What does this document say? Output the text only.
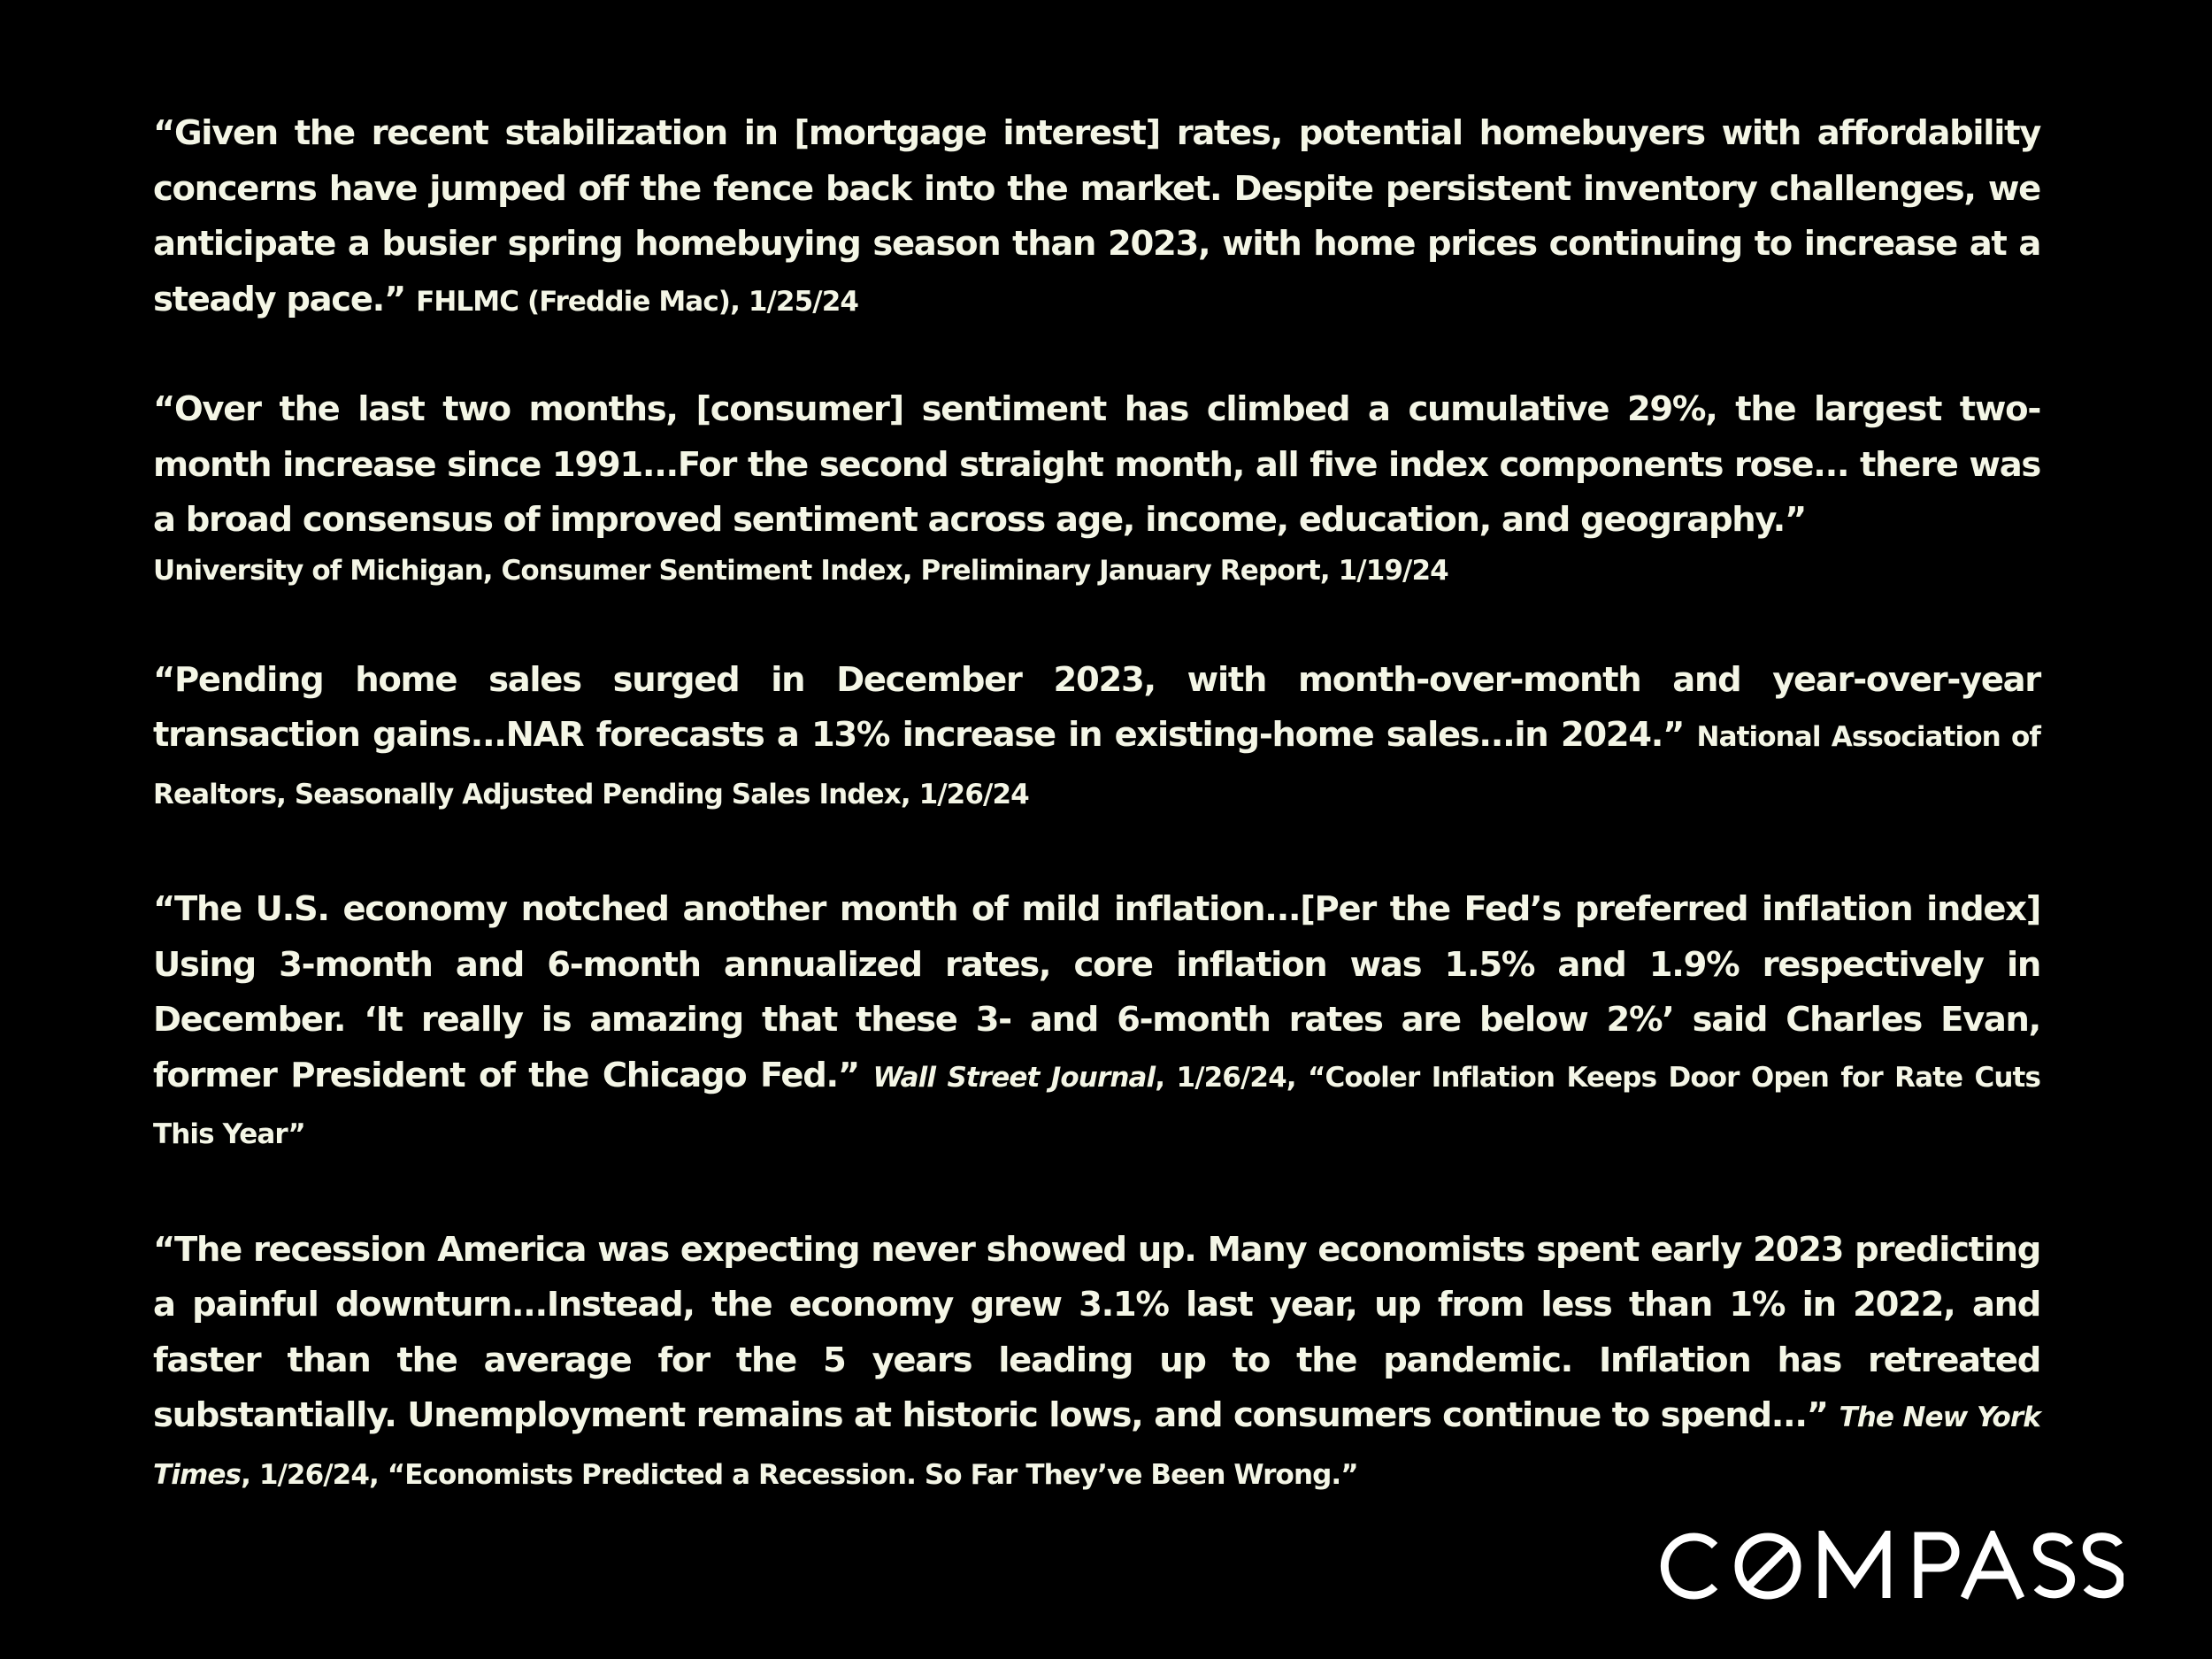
“Given the recent stabilization in [mortgage interest] rates, potential homebuyers with affordability concerns have jumped off the fence back into the market. Despite persistent inventory challenges, we anticipate a busier spring homebuying season than 2023, with home prices continuing to increase at a steady pace.” FHLMC (Freddie Mac), 1/25/24

“Over the last two months, [consumer] sentiment has climbed a cumulative 29%, the largest two-month increase since 1991...For the second straight month, all five index components rose... there was a broad consensus of improved sentiment across age, income, education, and geography.”
University of Michigan, Consumer Sentiment Index, Preliminary January Report, 1/19/24

“Pending home sales surged in December 2023, with month-over-month and year-over-year transaction gains...NAR forecasts a 13% increase in existing-home sales...in 2024.” National Association of Realtors, Seasonally Adjusted Pending Sales Index, 1/26/24

“The U.S. economy notched another month of mild inflation...[Per the Fed’s preferred inflation index] Using 3-month and 6-month annualized rates, core inflation was 1.5% and 1.9% respectively in December. ‘It really is amazing that these 3- and 6-month rates are below 2%’ said Charles Evan, former President of the Chicago Fed.” Wall Street Journal, 1/26/24, “Cooler Inflation Keeps Door Open for Rate Cuts This Year”

“The recession America was expecting never showed up. Many economists spent early 2023 predicting a painful downturn...Instead, the economy grew 3.1% last year, up from less than 1% in 2022, and faster than the average for the 5 years leading up to the pandemic. Inflation has retreated substantially. Unemployment remains at historic lows, and consumers continue to spend...” The New York Times, 1/26/24, “Economists Predicted a Recession. So Far They’ve Been Wrong.”
